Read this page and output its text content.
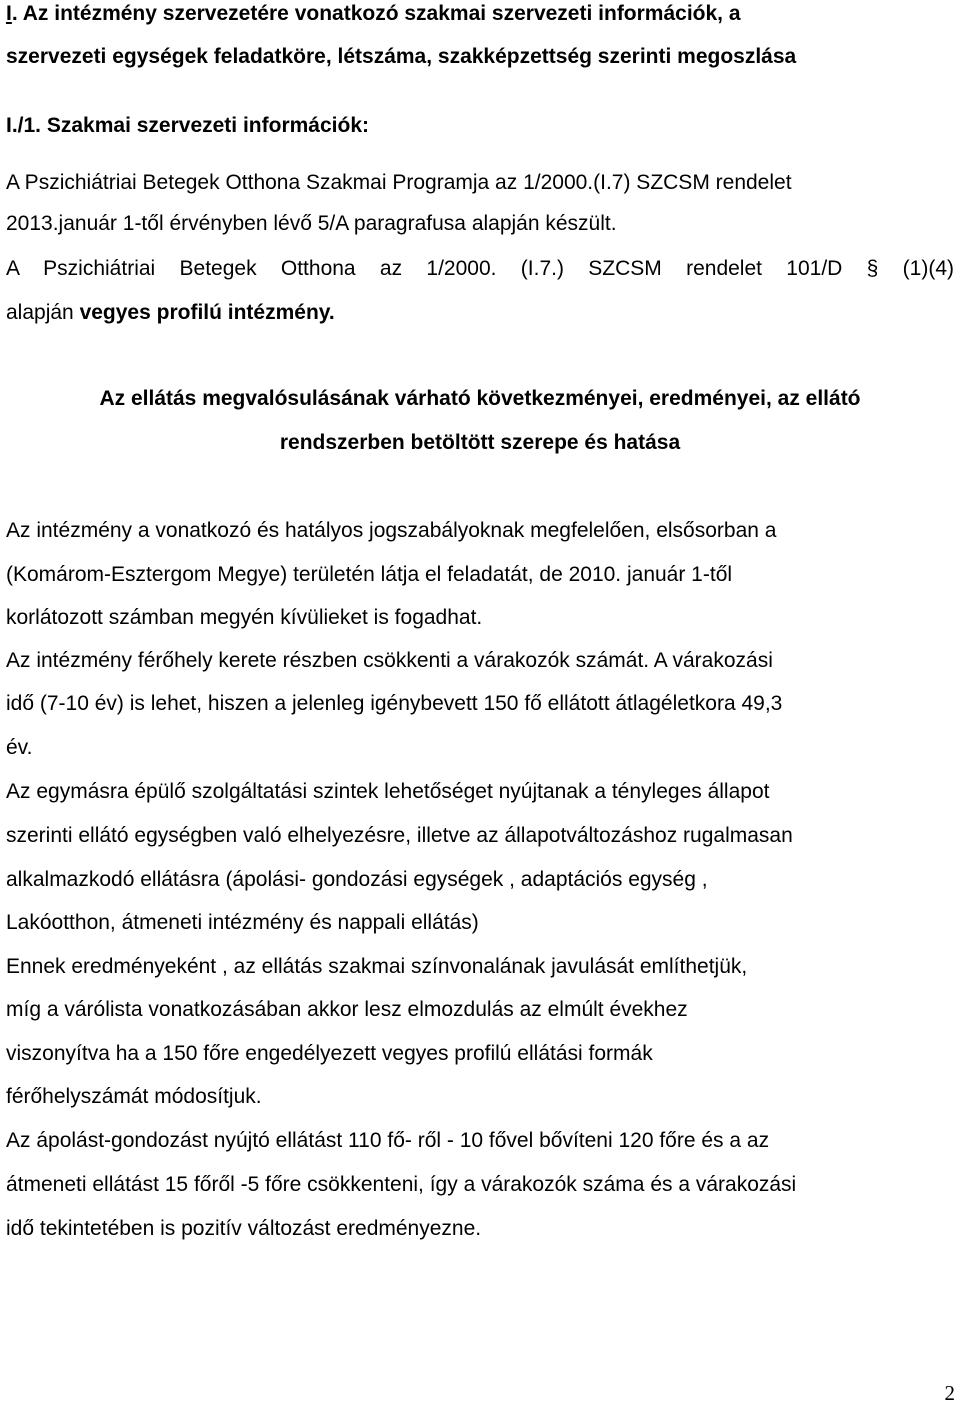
I. Az intézmény szervezetére vonatkozó szakmai szervezeti információk, a

szervezeti egységek feladatköre, létszáma, szakképzettség szerinti megoszlása

I./1. Szakmai szervezeti információk:

A Pszichiátriai Betegek Otthona Szakmai Programja az 1/2000.(I.7) SZCSM rendelet

2013.január 1-től érvényben lévő 5/A paragrafusa alapján készült.

A Pszichiátriai Betegek Otthona az 1/2000. (I.7.) SZCSM rendelet 101/D § (1)(4)

alapján vegyes profilú intézmény.

Az ellátás megvalósulásának várható következményei, eredményei, az ellátó

rendszerben betöltött szerepe és hatása

Az intézmény a vonatkozó és hatályos jogszabályoknak megfelelően, elsősorban a

(Komárom-Esztergom Megye) területén látja el feladatát, de 2010. január 1-től

korlátozott számban megyén kívülieket is fogadhat.

Az intézmény férőhely kerete részben csökkenti a várakozók számát. A várakozási

idő (7-10 év) is lehet, hiszen a jelenleg igénybevett 150 fő ellátott átlagéletkora 49,3

év.

Az egymásra épülő szolgáltatási szintek lehetőséget nyújtanak a tényleges állapot

szerinti ellátó egységben való elhelyezésre, illetve az állapotváltozáshoz rugalmasan

alkalmazkodó ellátásra (ápolási- gondozási egységek , adaptációs egység ,

Lakóotthon, átmeneti intézmény és nappali ellátás)

Ennek eredményeként , az ellátás szakmai színvonalának javulását említhetjük,

míg a várólista vonatkozásában akkor lesz elmozdulás az elmúlt évekhez

viszonyítva ha a 150 főre engedélyezett vegyes profilú ellátási formák

férőhelyszámát módosítjuk.

Az ápolást-gondozást nyújtó ellátást 110 fő- ről - 10 fővel bővíteni 120 főre és a az

átmeneti ellátást 15 főről -5 főre csökkenteni, így a várakozók száma és a várakozási

idő tekintetében is pozitív változást eredményezne.

2
